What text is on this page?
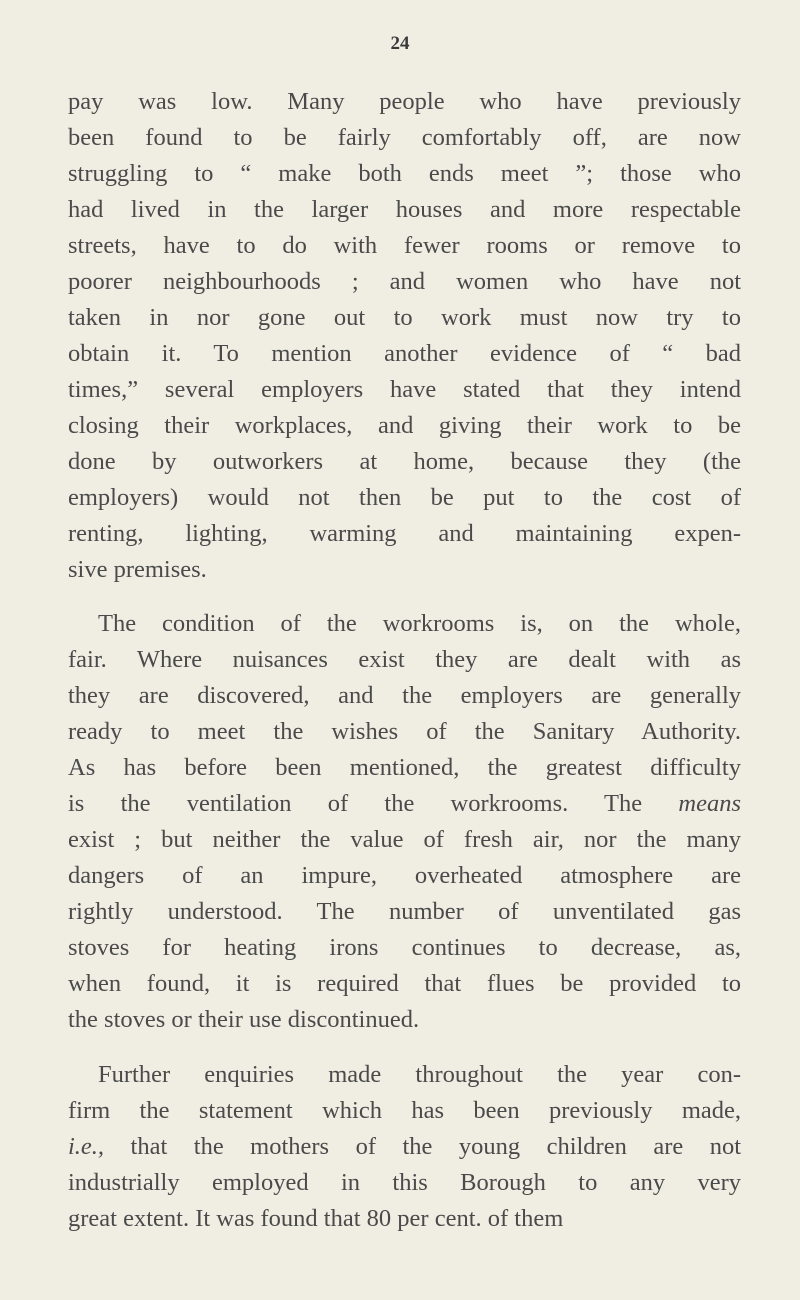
24
pay was low. Many people who have previously
been found to be fairly comfortably off, are now
struggling to “ make both ends meet ”; those who
had lived in the larger houses and more respectable
streets, have to do with fewer rooms or remove to
poorer neighbourhoods ; and women who have not
taken in nor gone out to work must now try to
obtain it. To mention another evidence of “ bad
times,” several employers have stated that they intend
closing their workplaces, and giving their work to be
done by outworkers at home, because they (the
employers) would not then be put to the cost of
renting, lighting, warming and maintaining expen-
sive premises.
The condition of the workrooms is, on the whole,
fair. Where nuisances exist they are dealt with as
they are discovered, and the employers are generally
ready to meet the wishes of the Sanitary Authority.
As has before been mentioned, the greatest difficulty
is the ventilation of the workrooms. The means
exist ; but neither the value of fresh air, nor the many
dangers of an impure, overheated atmosphere are
rightly understood. The number of unventilated gas
stoves for heating irons continues to decrease, as,
when found, it is required that flues be provided to
the stoves or their use discontinued.
Further enquiries made throughout the year con-
firm the statement which has been previously made,
i.e., that the mothers of the young children are not
industrially employed in this Borough to any very
great extent. It was found that 80 per cent. of them
